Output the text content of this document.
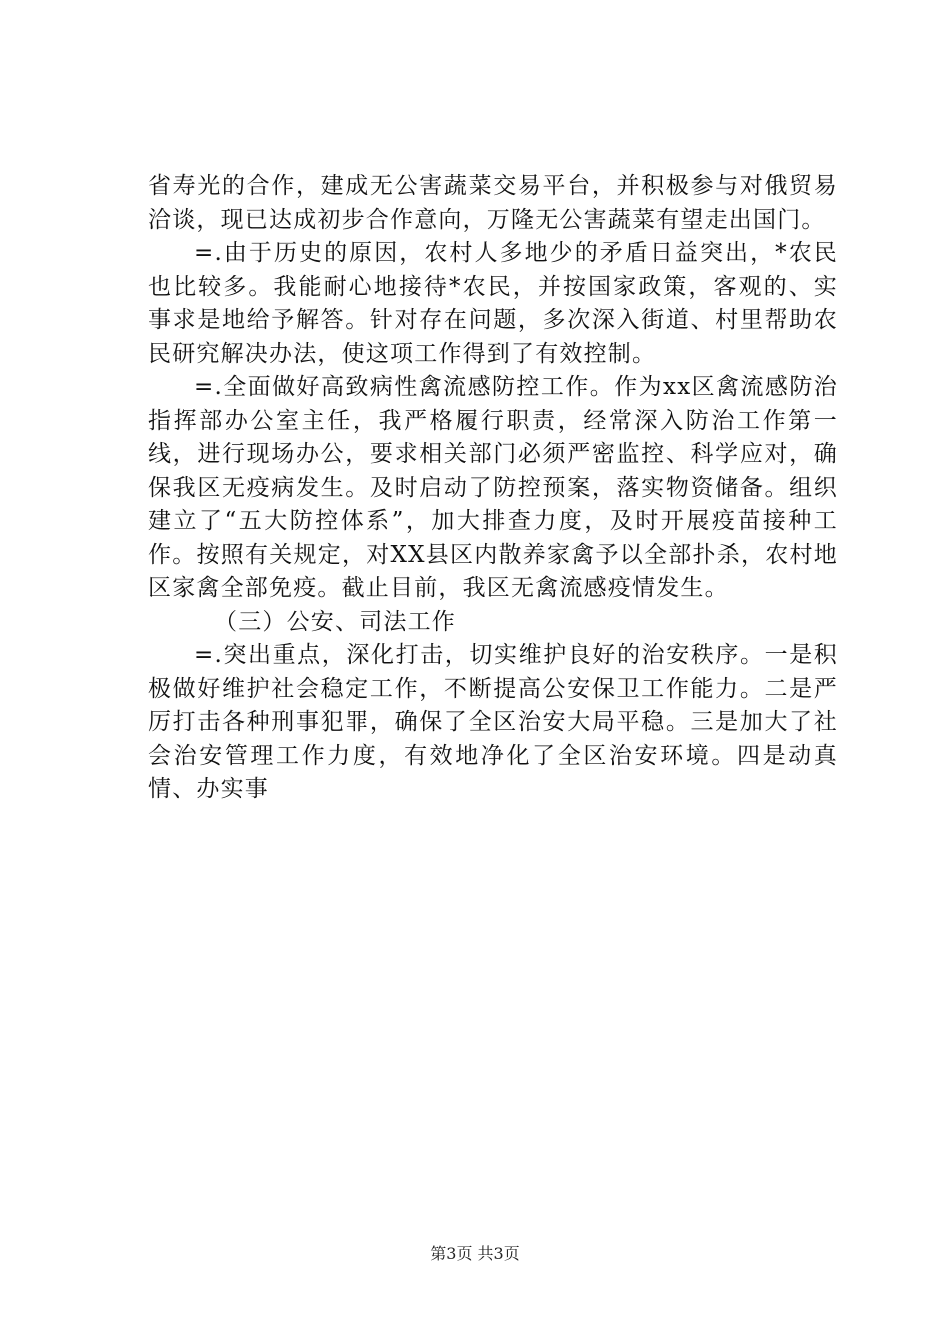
省寿光的合作，建成无公害蔬菜交易平台，并积极参与对俄贸易洽谈，现已达成初步合作意向，万隆无公害蔬菜有望走出国门。

=.由于历史的原因，农村人多地少的矛盾日益突出，*农民也比较多。我能耐心地接待*农民，并按国家政策，客观的、实事求是地给予解答。针对存在问题，多次深入街道、村里帮助农民研究解决办法，使这项工作得到了有效控制。

=.全面做好高致病性禽流感防控工作。作为xx区禽流感防治指挥部办公室主任，我严格履行职责，经常深入防治工作第一线，进行现场办公，要求相关部门必须严密监控、科学应对，确保我区无疫病发生。及时启动了防控预案，落实物资储备。组织建立了“五大防控体系”，加大排查力度，及时开展疫苗接种工作。按照有关规定，对XX县区内散养家禽予以全部扑杀，农村地区家禽全部免疫。截止目前，我区无禽流感疫情发生。

（三）公安、司法工作

=.突出重点，深化打击，切实维护良好的治安秩序。一是积极做好维护社会稳定工作，不断提高公安保卫工作能力。二是严厉打击各种刑事犯罪，确保了全区治安大局平稳。三是加大了社会治安管理工作力度，有效地净化了全区治安环境。四是动真情、办实事

第3页 共3页
